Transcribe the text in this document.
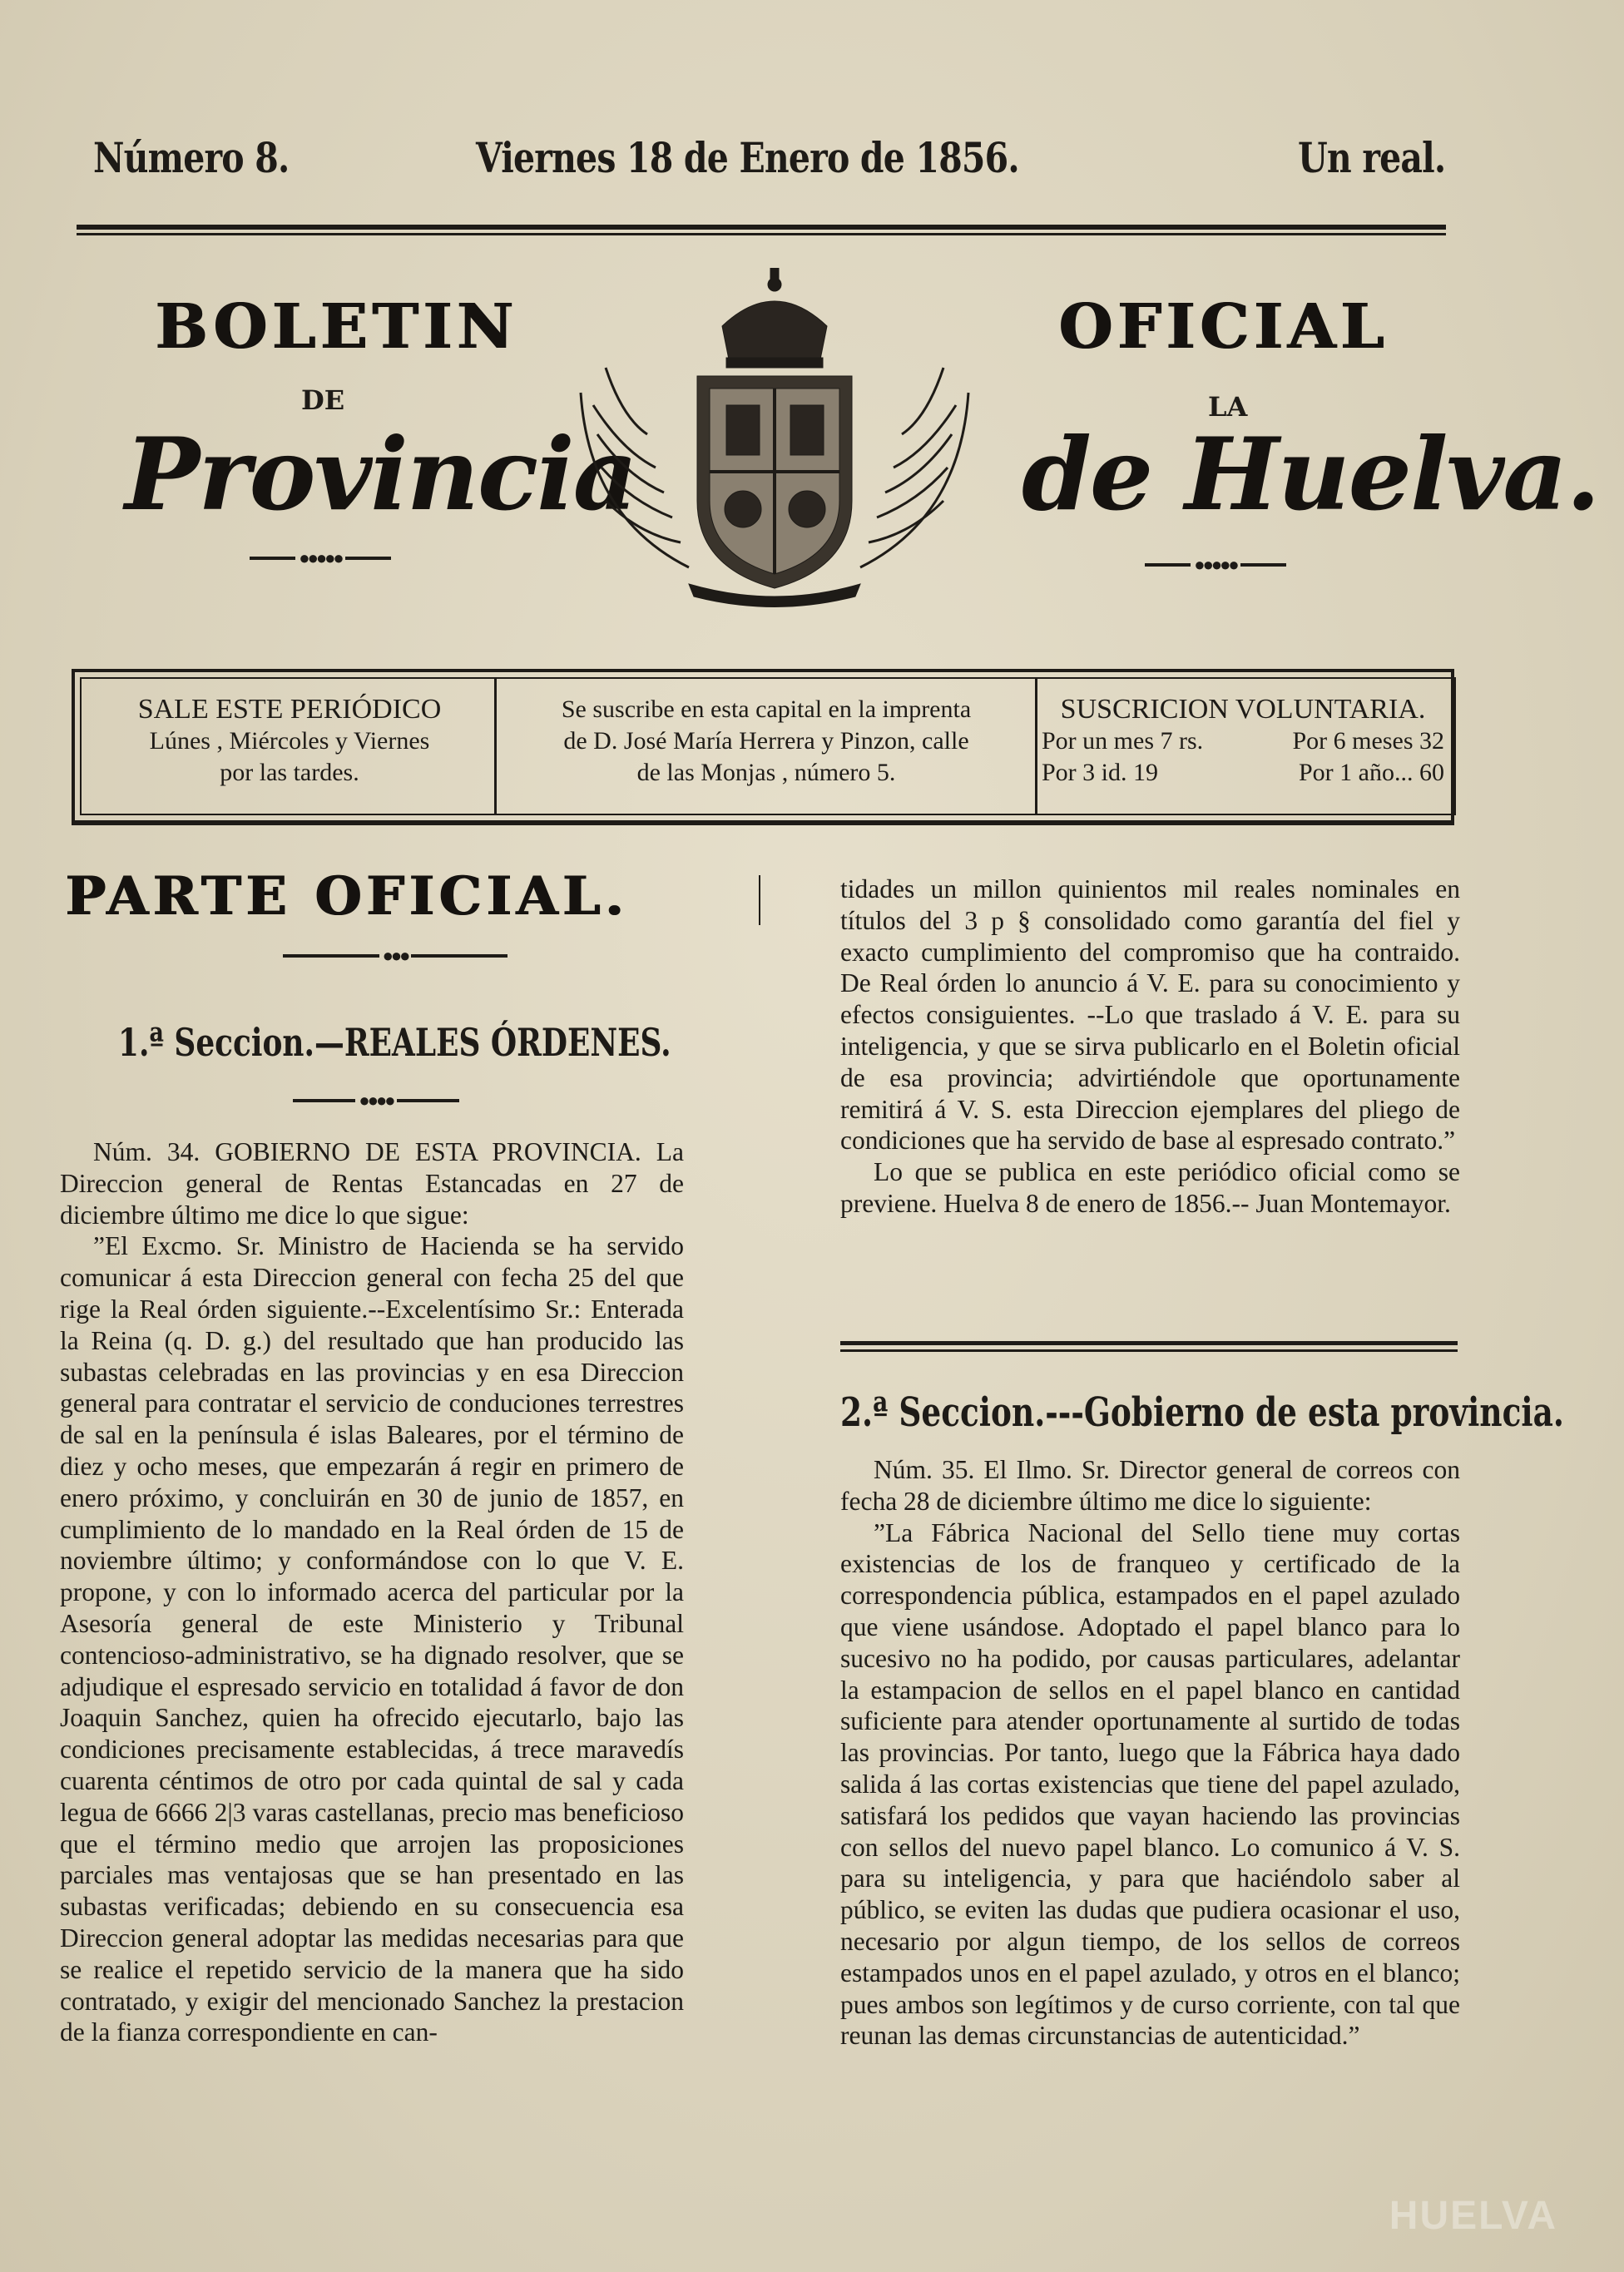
Número 8.	Viernes 18 de Enero de 1856.	Un real.
BOLETIN	OFICIAL
DE	LA
Provincia	de Huelva.
●●●●●	●●●●●
SALE ESTE PERIÓDICO
Lúnes , Miércoles y Viernes
por las tardes.
Se suscribe en esta capital en la imprenta
de D. José María Herrera y Pinzon, calle
de las Monjas , número 5.
SUSCRICION VOLUNTARIA.
Por un mes 7 rs.	Por 6 meses 32
Por 3 id. 19	Por 1 año... 60
PARTE OFICIAL.
●●●
1.ª Seccion.—REALES ÓRDENES.
●●●●

Núm. 34. GOBIERNO DE ESTA PROVINCIA. La Direccion general de Rentas Estancadas en 27 de diciembre último me dice lo que sigue:

”El Excmo. Sr. Ministro de Hacienda se ha servido comunicar á esta Direccion general con fecha 25 del que rige la Real órden siguiente.--Excelentísimo Sr.: Enterada la Reina (q. D. g.) del resultado que han producido las subastas celebradas en las provincias y en esa Direccion general para contratar el servicio de conduciones terrestres de sal en la península é islas Baleares, por el término de diez y ocho meses, que empezarán á regir en primero de enero próximo, y concluirán en 30 de junio de 1857, en cumplimiento de lo mandado en la Real órden de 15 de noviembre último; y conformándose con lo que V. E. propone, y con lo informado acerca del particular por la Asesoría general de este Ministerio y Tribunal contencioso-administrativo, se ha dignado resolver, que se adjudique el espresado servicio en totalidad á favor de don Joaquin Sanchez, quien ha ofrecido ejecutarlo, bajo las condiciones precisamente establecidas, á trece maravedís cuarenta céntimos de otro por cada quintal de sal y cada legua de 6666 2|3 varas castellanas, precio mas beneficioso que el término medio que arrojen las proposiciones parciales mas ventajosas que se han presentado en las subastas verificadas; debiendo en su consecuencia esa Direccion general adoptar las medidas necesarias para que se realice el repetido servicio de la manera que ha sido contratado, y exigir del mencionado Sanchez la prestacion de la fianza correspondiente en can-

tidades un millon quinientos mil reales nominales en títulos del 3 p § consolidado como garantía del fiel y exacto cumplimiento del compromiso que ha contraido. De Real órden lo anuncio á V. E. para su conocimiento y efectos consiguientes. --Lo que traslado á V. E. para su inteligencia, y que se sirva publicarlo en el Boletin oficial de esa provincia; advirtiéndole que oportunamente remitirá á V. S. esta Direccion ejemplares del pliego de condiciones que ha servido de base al espresado contrato.”

Lo que se publica en este periódico oficial como se previene. Huelva 8 de enero de 1856.-- Juan Montemayor.

2.ª Seccion.---Gobierno de esta provincia.

Núm. 35. El Ilmo. Sr. Director general de correos con fecha 28 de diciembre último me dice lo siguiente:

”La Fábrica Nacional del Sello tiene muy cortas existencias de los de franqueo y certificado de la correspondencia pública, estampados en el papel azulado que viene usándose. Adoptado el papel blanco para lo sucesivo no ha podido, por causas particulares, adelantar la estampacion de sellos en el papel blanco en cantidad suficiente para atender oportunamente al surtido de todas las provincias. Por tanto, luego que la Fábrica haya dado salida á las cortas existencias que tiene del papel azulado, satisfará los pedidos que vayan haciendo las provincias con sellos del nuevo papel blanco. Lo comunico á V. S. para su inteligencia, y para que haciéndolo saber al público, se eviten las dudas que pudiera ocasionar el uso, necesario por algun tiempo, de los sellos de correos estampados unos en el papel azulado, y otros en el blanco; pues ambos son legítimos y de curso corriente, con tal que reunan las demas circunstancias de autenticidad.”

HUELVA
